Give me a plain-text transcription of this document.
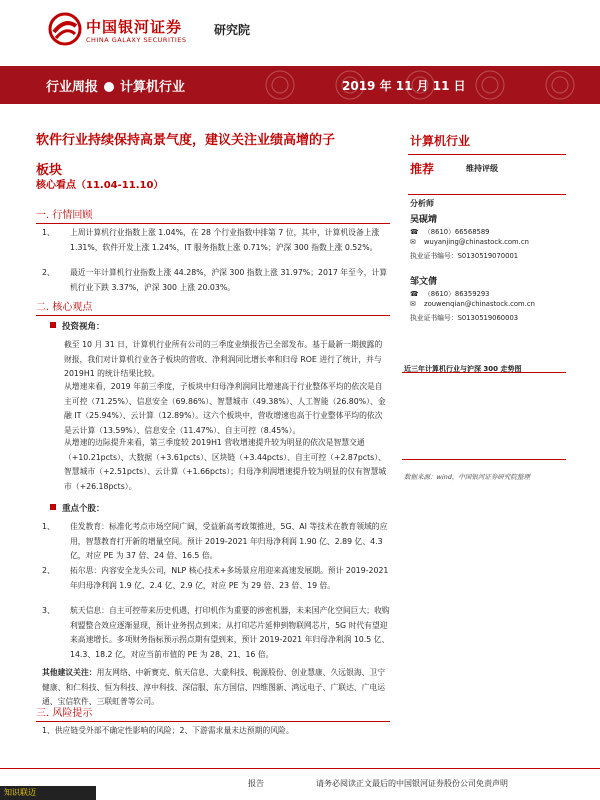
中国银河证券
CHINA GALAXY SECURITIES
研究院
行业周报 计算机行业	2019 年 11 月 11 日
软件行业持续保持高景气度，建议关注业绩高增的子
板块
核心看点（11.04-11.10）
一. 行情回顾
1、	上周计算机行业指数上涨 1.04%，在 28 个行业指数中排第 7 位，其中，计算机设备上涨 1.31%，软件开发上涨 1.24%，IT 服务指数上涨 0.71%；沪深 300 指数上涨 0.52%。
2、	最近一年计算机行业指数上涨 44.28%，沪深 300 指数上涨 31.97%；2017 年至今，计算机行业下跌 3.37%，沪深 300 上涨 20.03%。
二. 核心观点
投资视角：
截至 10 月 31 日，计算机行业所有公司的三季度业绩报告已全部发布。基于最新一期披露的财报，我们对计算机行业各子板块的营收、净利润同比增长率和归母 ROE 进行了统计，并与 2019H1 的统计结果比较。
从增速来看，2019 年前三季度，子板块中归母净利润同比增速高于行业整体平均的依次是自主可控（71.25%）、信息安全（69.86%）、智慧城市（49.38%）、人工智能（26.80%）、金融 IT（25.94%）、云计算（12.89%）。这六个板块中，营收增速也高于行业整体平均的依次是云计算（13.59%）、信息安全（11.47%）、自主可控（8.45%）。
从增速的边际提升来看，第三季度较 2019H1 营收增速提升较为明显的依次是智慧交通（+10.21pcts）、大数据（+3.61pcts）、区块链（+3.44pcts）、自主可控（+2.87pcts）、智慧城市（+2.51pcts）、云计算（+1.66pcts）；归母净利润增速提升较为明显的仅有智慧城市（+26.18pcts）。
重点个股：
1、	佳发教育：标准化考点市场空间广阔，受益新高考政策推进，5G、AI 等技术在教育领域的应用，智慧教育打开新的增量空间。预计 2019-2021 年归母净利润 1.90 亿、2.89 亿、4.3 亿，对应 PE 为 37 倍、24 倍、16.5 倍。
2、	拓尔思：内容安全龙头公司，NLP 核心技术+多场景应用迎来高速发展期。预计 2019-2021 年归母净利润 1.9 亿、2.4 亿、2.9 亿，对应 PE 为 29 倍、23 倍、19 倍。
3、	航天信息：自主可控带来历史机遇，打印机作为重要的涉密机器，未来国产化空间巨大；收购利盟整合效应逐渐显现，预计业务拐点到来；从打印芯片延伸到物联网芯片，5G 时代有望迎来高速增长。多项财务指标预示拐点期有望到来，预计 2019-2021 年归母净利润 10.5 亿、14.3、18.2 亿，对应当前市值的 PE 为 28、21、16 倍。
其他建议关注：用友网络、中新赛克、航天信息、大豪科技、税源股份、创业慧康、久远银海、卫宁健康、和仁科技、恒为科技、淳中科技、深信服、东方国信、四维图新、鸿远电子、广联达、广电运通、宝信软件、三联虹普等公司。
三. 风险提示
1、供应链受外部不确定性影响的风险；2、下游需求量未达预期的风险。
计算机行业
推荐	维持评级
分析师
吴砚靖
☎ （8610）66568589
✉ wuyanjing@chinastock.com.cn
执业证书编号：S0130519070001
邹文倩
☎ （8610）86359293
✉ zouwenqian@chinastock.com.cn
执业证书编号：S0130519060003
近三年计算机行业与沪深 300 走势图
数据来源：wind，中国银河证券研究院整理
报告	请务必阅读正文最后的中国银河证券股份公司免责声明
知识联迈
